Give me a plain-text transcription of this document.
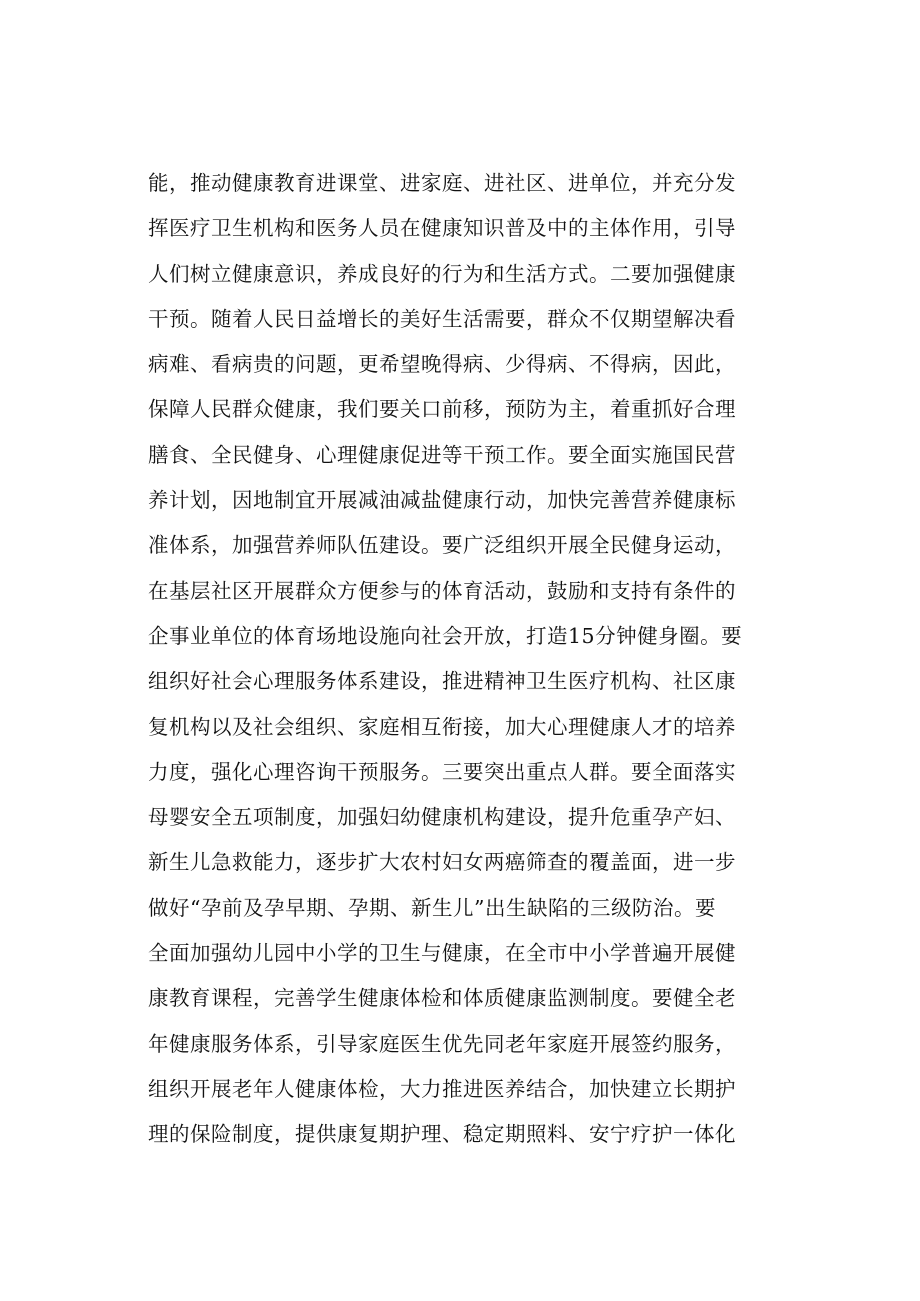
能，推动健康教育进课堂、进家庭、进社区、进单位，并充分发
挥医疗卫生机构和医务人员在健康知识普及中的主体作用，引导
人们树立健康意识，养成良好的行为和生活方式。二要加强健康
干预。随着人民日益增长的美好生活需要，群众不仅期望解决看
病难、看病贵的问题，更希望晚得病、少得病、不得病，因此，
保障人民群众健康，我们要关口前移，预防为主，着重抓好合理
膳食、全民健身、心理健康促进等干预工作。要全面实施国民营
养计划，因地制宜开展减油减盐健康行动，加快完善营养健康标
准体系，加强营养师队伍建设。要广泛组织开展全民健身运动，
在基层社区开展群众方便参与的体育活动，鼓励和支持有条件的
企事业单位的体育场地设施向社会开放，打造15分钟健身圈。要
组织好社会心理服务体系建设，推进精神卫生医疗机构、社区康
复机构以及社会组织、家庭相互衔接，加大心理健康人才的培养
力度，强化心理咨询干预服务。三要突出重点人群。要全面落实
母婴安全五项制度，加强妇幼健康机构建设，提升危重孕产妇、
新生儿急救能力，逐步扩大农村妇女两癌筛查的覆盖面，进一步
做好“孕前及孕早期、孕期、新生儿”出生缺陷的三级防治。要
全面加强幼儿园中小学的卫生与健康，在全市中小学普遍开展健
康教育课程，完善学生健康体检和体质健康监测制度。要健全老
年健康服务体系，引导家庭医生优先同老年家庭开展签约服务，
组织开展老年人健康体检，大力推进医养结合，加快建立长期护
理的保险制度，提供康复期护理、稳定期照料、安宁疗护一体化
